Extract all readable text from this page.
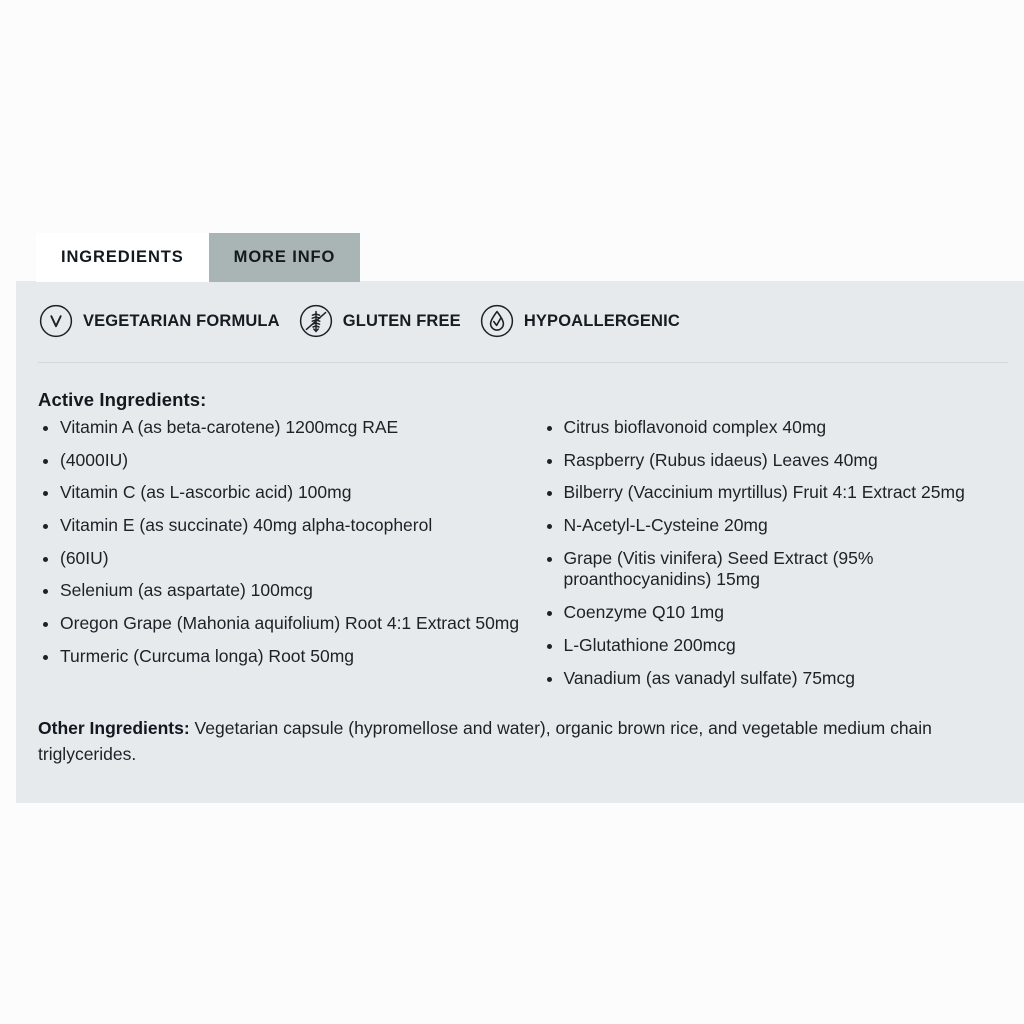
INGREDIENTS	MORE INFO
VEGETARIAN FORMULA	GLUTEN FREE	HYPOALLERGENIC
Active Ingredients:
Vitamin A (as beta-carotene) 1200mcg RAE
(4000IU)
Vitamin C (as L-ascorbic acid) 100mg
Vitamin E (as succinate) 40mg alpha-tocopherol
(60IU)
Selenium (as aspartate) 100mcg
Oregon Grape (Mahonia aquifolium) Root 4:1 Extract 50mg
Turmeric (Curcuma longa) Root 50mg
Citrus bioflavonoid complex 40mg
Raspberry (Rubus idaeus) Leaves 40mg
Bilberry (Vaccinium myrtillus) Fruit 4:1 Extract 25mg
N-Acetyl-L-Cysteine 20mg
Grape (Vitis vinifera) Seed Extract (95% proanthocyanidins) 15mg
Coenzyme Q10 1mg
L-Glutathione 200mcg
Vanadium (as vanadyl sulfate) 75mcg
Other Ingredients: Vegetarian capsule (hypromellose and water), organic brown rice, and vegetable medium chain triglycerides.
